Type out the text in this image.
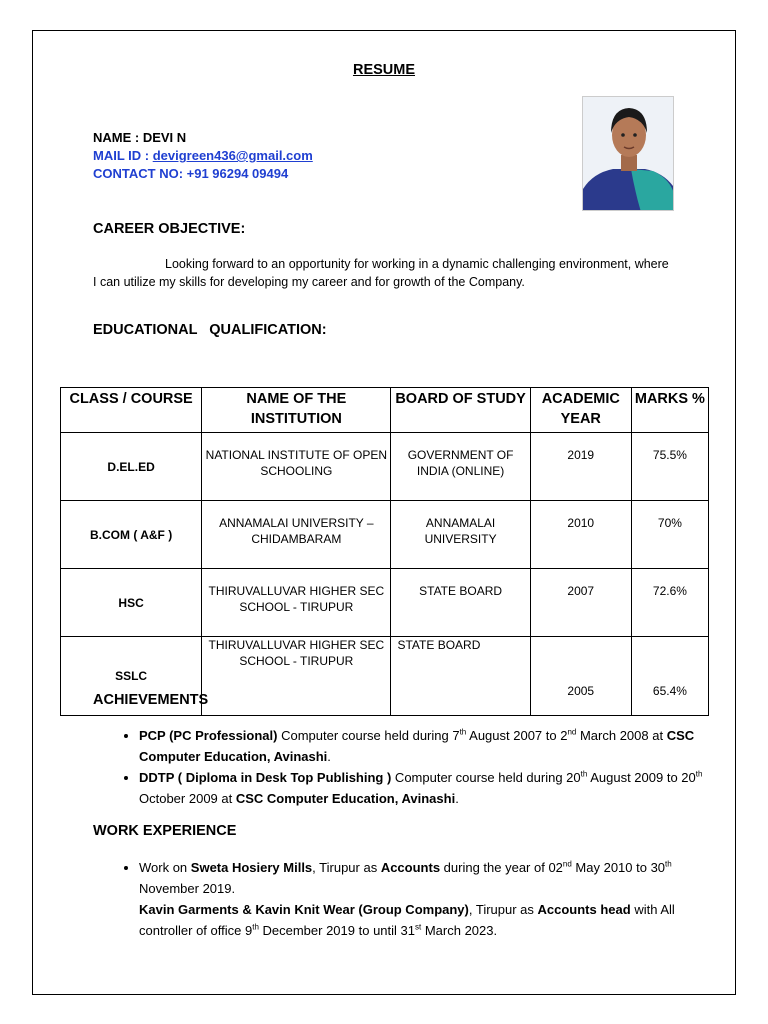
RESUME
NAME : DEVI N
MAIL ID : devigreen436@gmail.com
CONTACT NO: +91 96294 09494
CAREER OBJECTIVE:
Looking forward to an opportunity for working in a dynamic challenging environment, where I can utilize my skills for developing my career and for growth of the Company.
EDUCATIONAL   QUALIFICATION:
CLASS / COURSE	NAME OF THE INSTITUTION	BOARD OF STUDY	ACADEMIC YEAR	MARKS %
D.EL.ED	NATIONAL INSTITUTE OF OPEN SCHOOLING	GOVERNMENT OF INDIA (ONLINE)	2019	75.5%
B.COM ( A&F )	ANNAMALAI UNIVERSITY – CHIDAMBARAM	ANNAMALAI UNIVERSITY	2010	70%
HSC	THIRUVALLUVAR HIGHER SEC SCHOOL - TIRUPUR	STATE BOARD	2007	72.6%
SSLC	THIRUVALLUVAR HIGHER SEC SCHOOL - TIRUPUR	STATE BOARD	2005	65.4%
ACHIEVEMENTS
• PCP (PC Professional) Computer course held during 7th August 2007 to 2nd March 2008 at CSC Computer Education, Avinashi.
• DDTP ( Diploma in Desk Top Publishing ) Computer course held during 20th August 2009 to 20th October 2009 at CSC Computer Education, Avinashi.
WORK EXPERIENCE
• Work on Sweta Hosiery Mills, Tirupur as Accounts during the year of 02nd May 2010 to 30th November 2019.
Kavin Garments & Kavin Knit Wear (Group Company), Tirupur as Accounts head with All controller of office 9th December 2019 to until 31st March 2023.
